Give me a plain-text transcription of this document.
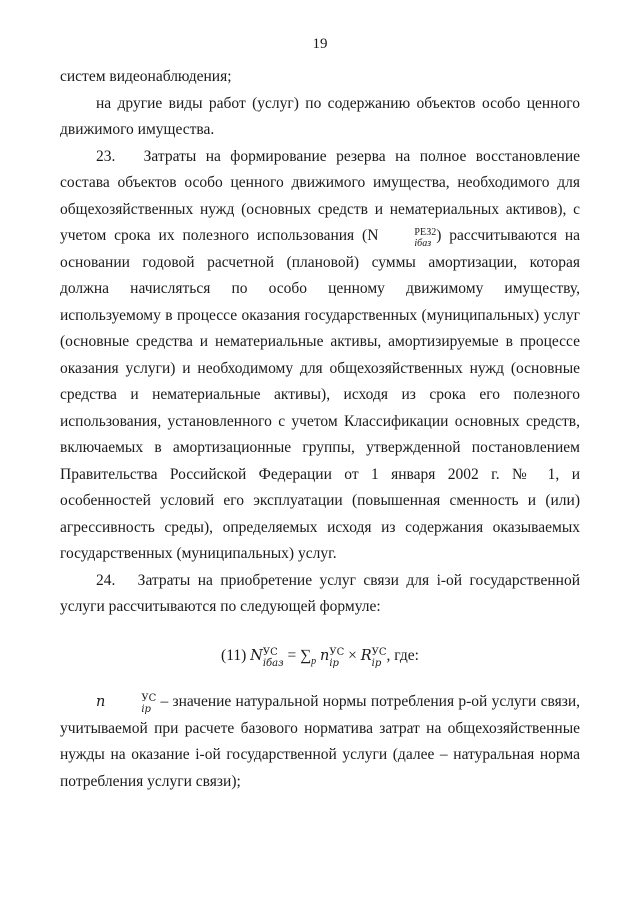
19

систем видеонаблюдения;

на другие виды работ (услуг) по содержанию объектов особо ценного движимого имущества.

23.   Затраты на формирование резерва на полное восстановление состава объектов особо ценного движимого имущества, необходимого для общехозяйственных нужд (основных средств и нематериальных активов), с учетом срока их полезного использования (N	РЕЗ2
iбаз ) рассчитываются на основании годовой расчетной (плановой) суммы амортизации, которая должна начисляться по особо ценному движимому имуществу, используемому в процессе оказания государственных (муниципальных) услуг (основные средства и нематериальные активы, амортизируемые в процессе оказания услуги) и необходимому для общехозяйственных нужд (основные средства и нематериальные активы), исходя из срока его полезного использования, установленного с учетом Классификации основных средств, включаемых в амортизационные группы, утвержденной постановлением Правительства Российской Федерации от 1 января 2002 г. № 1, и особенностей условий его эксплуатации (повышенная сменность и (или) агрессивность среды), определяемых исходя из содержания оказываемых государственных (муниципальных) услуг.

24.   Затраты на приобретение услуг связи для i-ой государственной услуги рассчитываются по следующей формуле:

(11) N УС
iбаз = $\sum_p$ n УС
ip × R УС
ip , где:

n	УС
ip – значение натуральной нормы потребления p-ой услуги связи, учитываемой при расчете базового норматива затрат на общехозяйственные нужды на оказание i-ой государственной услуги (далее – натуральная норма потребления услуги связи);
